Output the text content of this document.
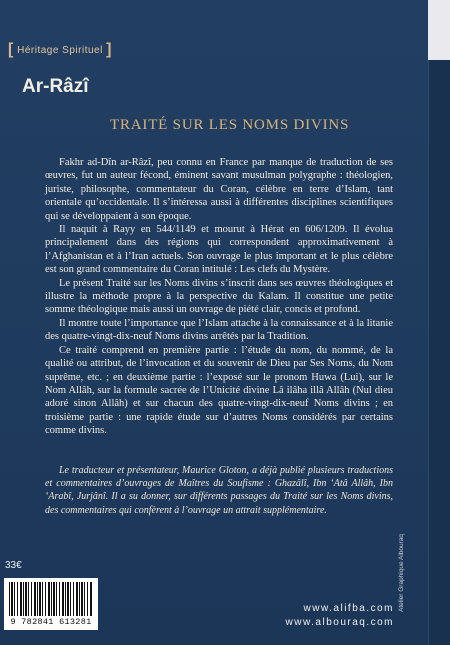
[ Héritage Spirituel ]
Ar-Râzî
TRAITÉ SUR LES NOMS DIVINS

Fakhr ad-Dîn ar-Râzî, peu connu en France par manque de traduction de ses œuvres, fut un auteur fécond, éminent savant musulman polygraphe : théologien, juriste, philosophe, commentateur du Coran, célèbre en terre d’Islam, tant orientale qu’occidentale. Il s’intéressa aussi à différentes disciplines scientifiques qui se développaient à son époque.

Il naquit à Rayy en 544/1149 et mourut à Hérat en 606/1209. Il évolua principalement dans des régions qui correspondent approximativement à l’Afghanistan et à l’Iran actuels. Son ouvrage le plus important et le plus célèbre est son grand commentaire du Coran intitulé : Les clefs du Mystère.

Le présent Traité sur les Noms divins s’inscrit dans ses œuvres théologiques et illustre la méthode propre à la perspective du Kalam. Il constitue une petite somme théologique mais aussi un ouvrage de piété clair, concis et profond.

Il montre toute l’importance que l’Islam attache à la connaissance et à la litanie des quatre-vingt-dix-neuf Noms divins arrêtés par la Tradition.

Ce traité comprend en première partie : l’étude du nom, du nommé, de la qualité ou attribut, de l’invocation et du souvenir de Dieu par Ses Noms, du Nom suprême, etc. ; en deuxième partie : l’exposé sur le pronom Huwa (Lui), sur le Nom Allâh, sur la formule sacrée de l’Unicité divine Lâ ilâha illâ Allâh (Nul dieu adoré sinon Allâh) et sur chacun des quatre-vingt-dix-neuf Noms divins ; en troisième partie : une rapide étude sur d’autres Noms considérés par certains comme divins.

Le traducteur et présentateur, Maurice Gloton, a déjà publié plusieurs traductions et commentaires d’ouvrages de Maîtres du Soufisme : Ghazâlî, Ibn ‘Atâ Allâh, Ibn ‘Arabî, Jurjânî. Il a su donner, sur différents passages du Traité sur les Noms divins, des commentaires qui confèrent à l’ouvrage un attrait supplémentaire.

Atelier Graphique Albouraq
33€
9 782841 613281
www.alifba.com
www.albouraq.com
